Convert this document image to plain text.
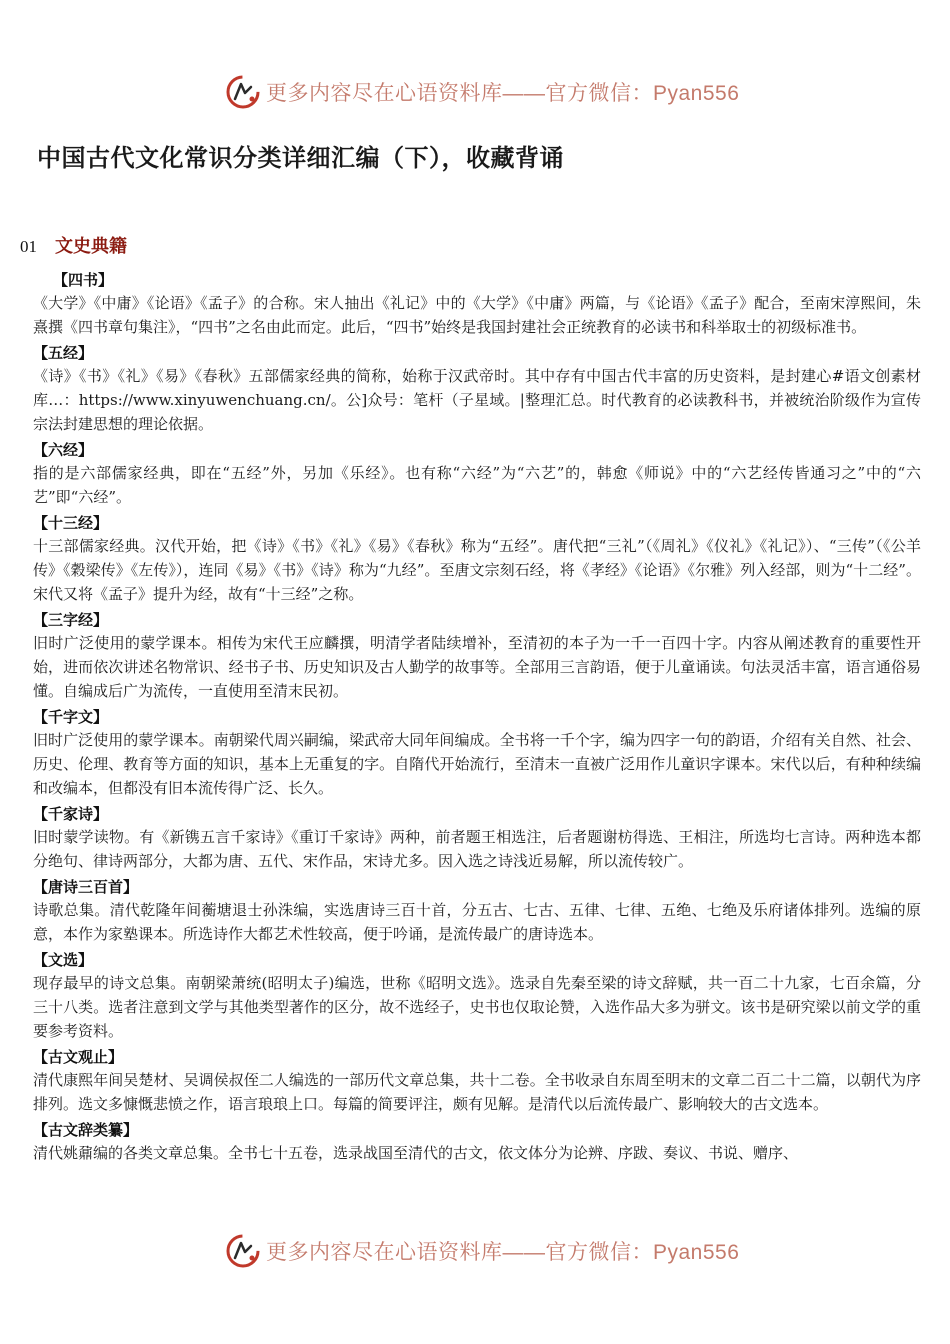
更多内容尽在心语资料库——官方微信：Pyan556
中国古代文化常识分类详细汇编（下），收藏背诵
01 文史典籍
【四书】

《大学》《中庸》《论语》《孟子》的合称。宋人抽出《礼记》中的《大学》《中庸》两篇，与《论语》《孟子》配合，至南宋淳熙间，朱熹撰《四书章句集注》，“四书”之名由此而定。此后，“四书”始终是我国封建社会正统教育的必读书和科举取士的初级标准书。

【五经】

《诗》《书》《礼》《易》《春秋》五部儒家经典的简称，始称于汉武帝时。其中存有中国古代丰富的历史资料，是封建心#语文创素材库…：https://www.xinyuwenchuang.cn/。公]众号：笔杆（子星域。|整理汇总。时代教育的必读教科书，并被统治阶级作为宣传宗法封建思想的理论依据。

【六经】

指的是六部儒家经典，即在“五经”外，另加《乐经》。也有称“六经”为“六艺”的，韩愈《师说》中的“六艺经传皆通习之”中的“六艺”即“六经”。

【十三经】

十三部儒家经典。汉代开始，把《诗》《书》《礼》《易》《春秋》称为“五经”。唐代把“三礼”（《周礼》《仪礼》《礼记》）、“三传”（《公羊传》《穀梁传》《左传》），连同《易》《书》《诗》称为“九经”。至唐文宗刻石经，将《孝经》《论语》《尔雅》列入经部，则为“十二经”。宋代又将《孟子》提升为经，故有“十三经”之称。

【三字经】

旧时广泛使用的蒙学课本。相传为宋代王应麟撰，明清学者陆续增补，至清初的本子为一千一百四十字。内容从阐述教育的重要性开始，进而依次讲述名物常识、经书子书、历史知识及古人勤学的故事等。全部用三言韵语，便于儿童诵读。句法灵活丰富，语言通俗易懂。自编成后广为流传，一直使用至清末民初。

【千字文】

旧时广泛使用的蒙学课本。南朝梁代周兴嗣编，梁武帝大同年间编成。全书将一千个字，编为四字一句的韵语，介绍有关自然、社会、历史、伦理、教育等方面的知识，基本上无重复的字。自隋代开始流行，至清末一直被广泛用作儿童识字课本。宋代以后，有种种续编和改编本，但都没有旧本流传得广泛、长久。

【千家诗】

旧时蒙学读物。有《新镌五言千家诗》《重订千家诗》两种，前者题王相选注，后者题谢枋得选、王相注，所选均七言诗。两种选本都分绝句、律诗两部分，大都为唐、五代、宋作品，宋诗尤多。因入选之诗浅近易解，所以流传较广。

【唐诗三百首】

诗歌总集。清代乾隆年间蘅塘退士孙洙编，实选唐诗三百十首，分五古、七古、五律、七律、五绝、七绝及乐府诸体排列。选编的原意，本作为家塾课本。所选诗作大都艺术性较高，便于吟诵，是流传最广的唐诗选本。

【文选】

现存最早的诗文总集。南朝梁萧统(昭明太子)编选，世称《昭明文选》。选录自先秦至梁的诗文辞赋，共一百二十九家，七百余篇，分三十八类。选者注意到文学与其他类型著作的区分，故不选经子，史书也仅取论赞，入选作品大多为骈文。该书是研究梁以前文学的重要参考资料。

【古文观止】

清代康熙年间吴楚材、吴调侯叔侄二人编选的一部历代文章总集，共十二卷。全书收录自东周至明末的文章二百二十二篇，以朝代为序排列。选文多慷慨悲愤之作，语言琅琅上口。每篇的简要评注，颇有见解。是清代以后流传最广、影响较大的古文选本。

【古文辞类纂】

清代姚鼐编的各类文章总集。全书七十五卷，选录战国至清代的古文，依文体分为论辨、序跋、奏议、书说、赠序、

更多内容尽在心语资料库——官方微信：Pyan556
